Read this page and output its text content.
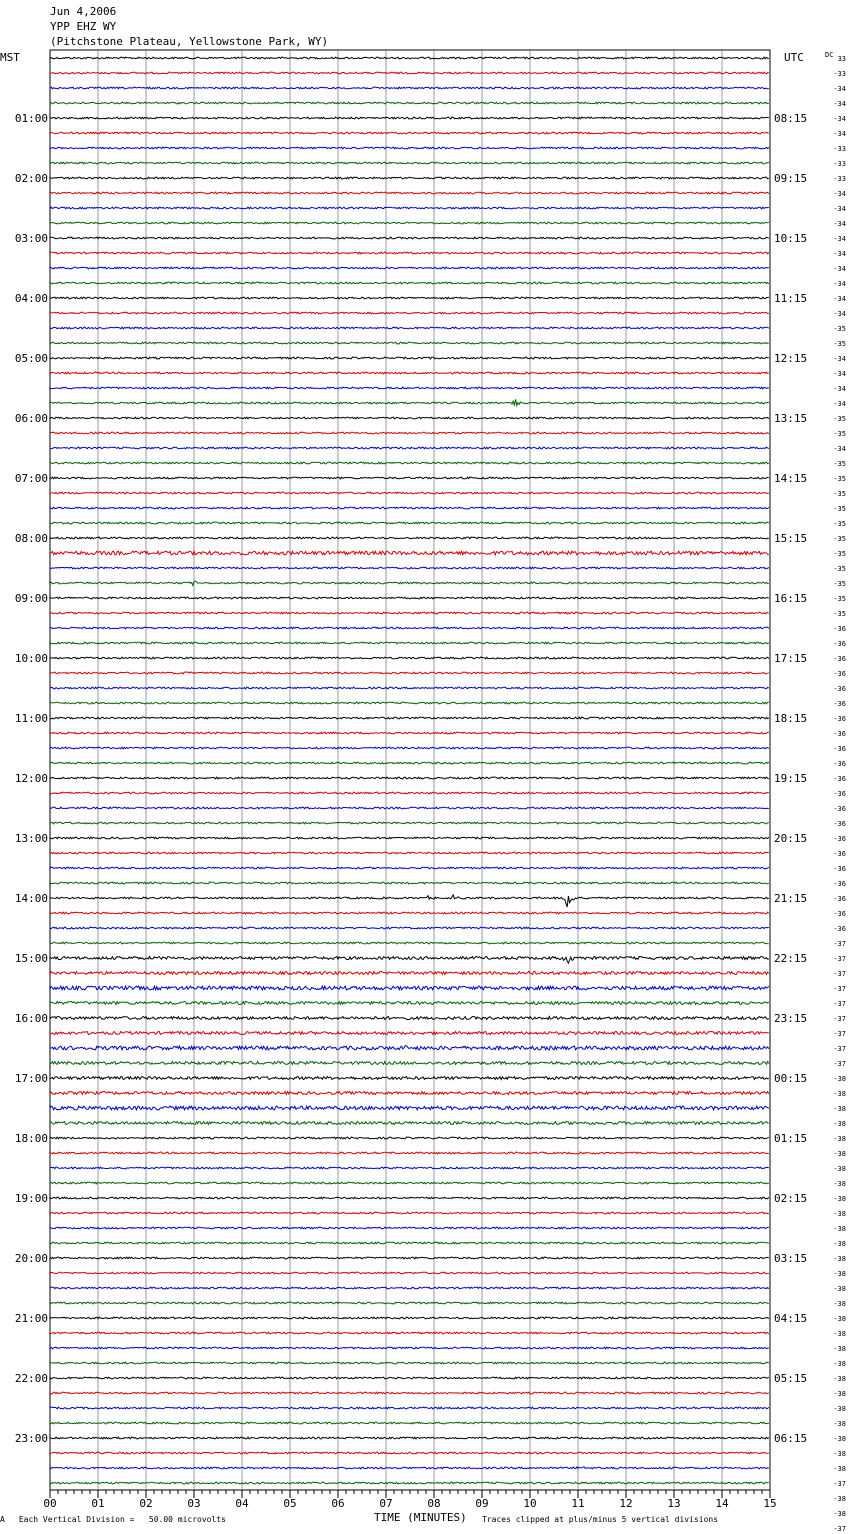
Jun 4,2006
YPP EHZ WY
(Pitchstone Plateau, Yellowstone Park, WY)
00	01	02	03	04	05	06	07	08	09	10	11	12	13	14	15
MST	UTC	DC
01:00
02:00
03:00
04:00
05:00
06:00
07:00
08:00
09:00
10:00
11:00
12:00
13:00
14:00
15:00
16:00
17:00
18:00
19:00
20:00
21:00
22:00
23:00
08:15
09:15
10:15
11:15
12:15
13:15
14:15
15:15
16:15
17:15
18:15
19:15
20:15
21:15
22:15
23:15
00:15
01:15
02:15
03:15
04:15
05:15
06:15
33
-33
-34
-34
-34
-34
-33
-33
-33
-34
-34
-34
-34
-34
-34
-34
-34
-34
-35
-35
-34
-34
-34
-34
-35
-35
-34
-35
-35
-35
-35
-35
-35
-35
-35
-35
-35
-35
-36
-36
-36
-36
-36
-36
-36
-36
-36
-36
-36
-36
-36
-36
-36
-36
-36
-36
-36
-36
-36
-37
-37
-37
-37
-37
-37
-37
-37
-37
-38
-38
-38
-38
-38
-38
-38
-38
-38
-38
-38
-38
-38
-38
-38
-38
-38
-38
-38
-38
-38
-38
-38
-38
-38
-38
-38
-37
-38
-38
-37
A Each Vertical Division =   50.00 microvolts	TIME (MINUTES) Traces clipped at plus/minus 5 vertical divisions
